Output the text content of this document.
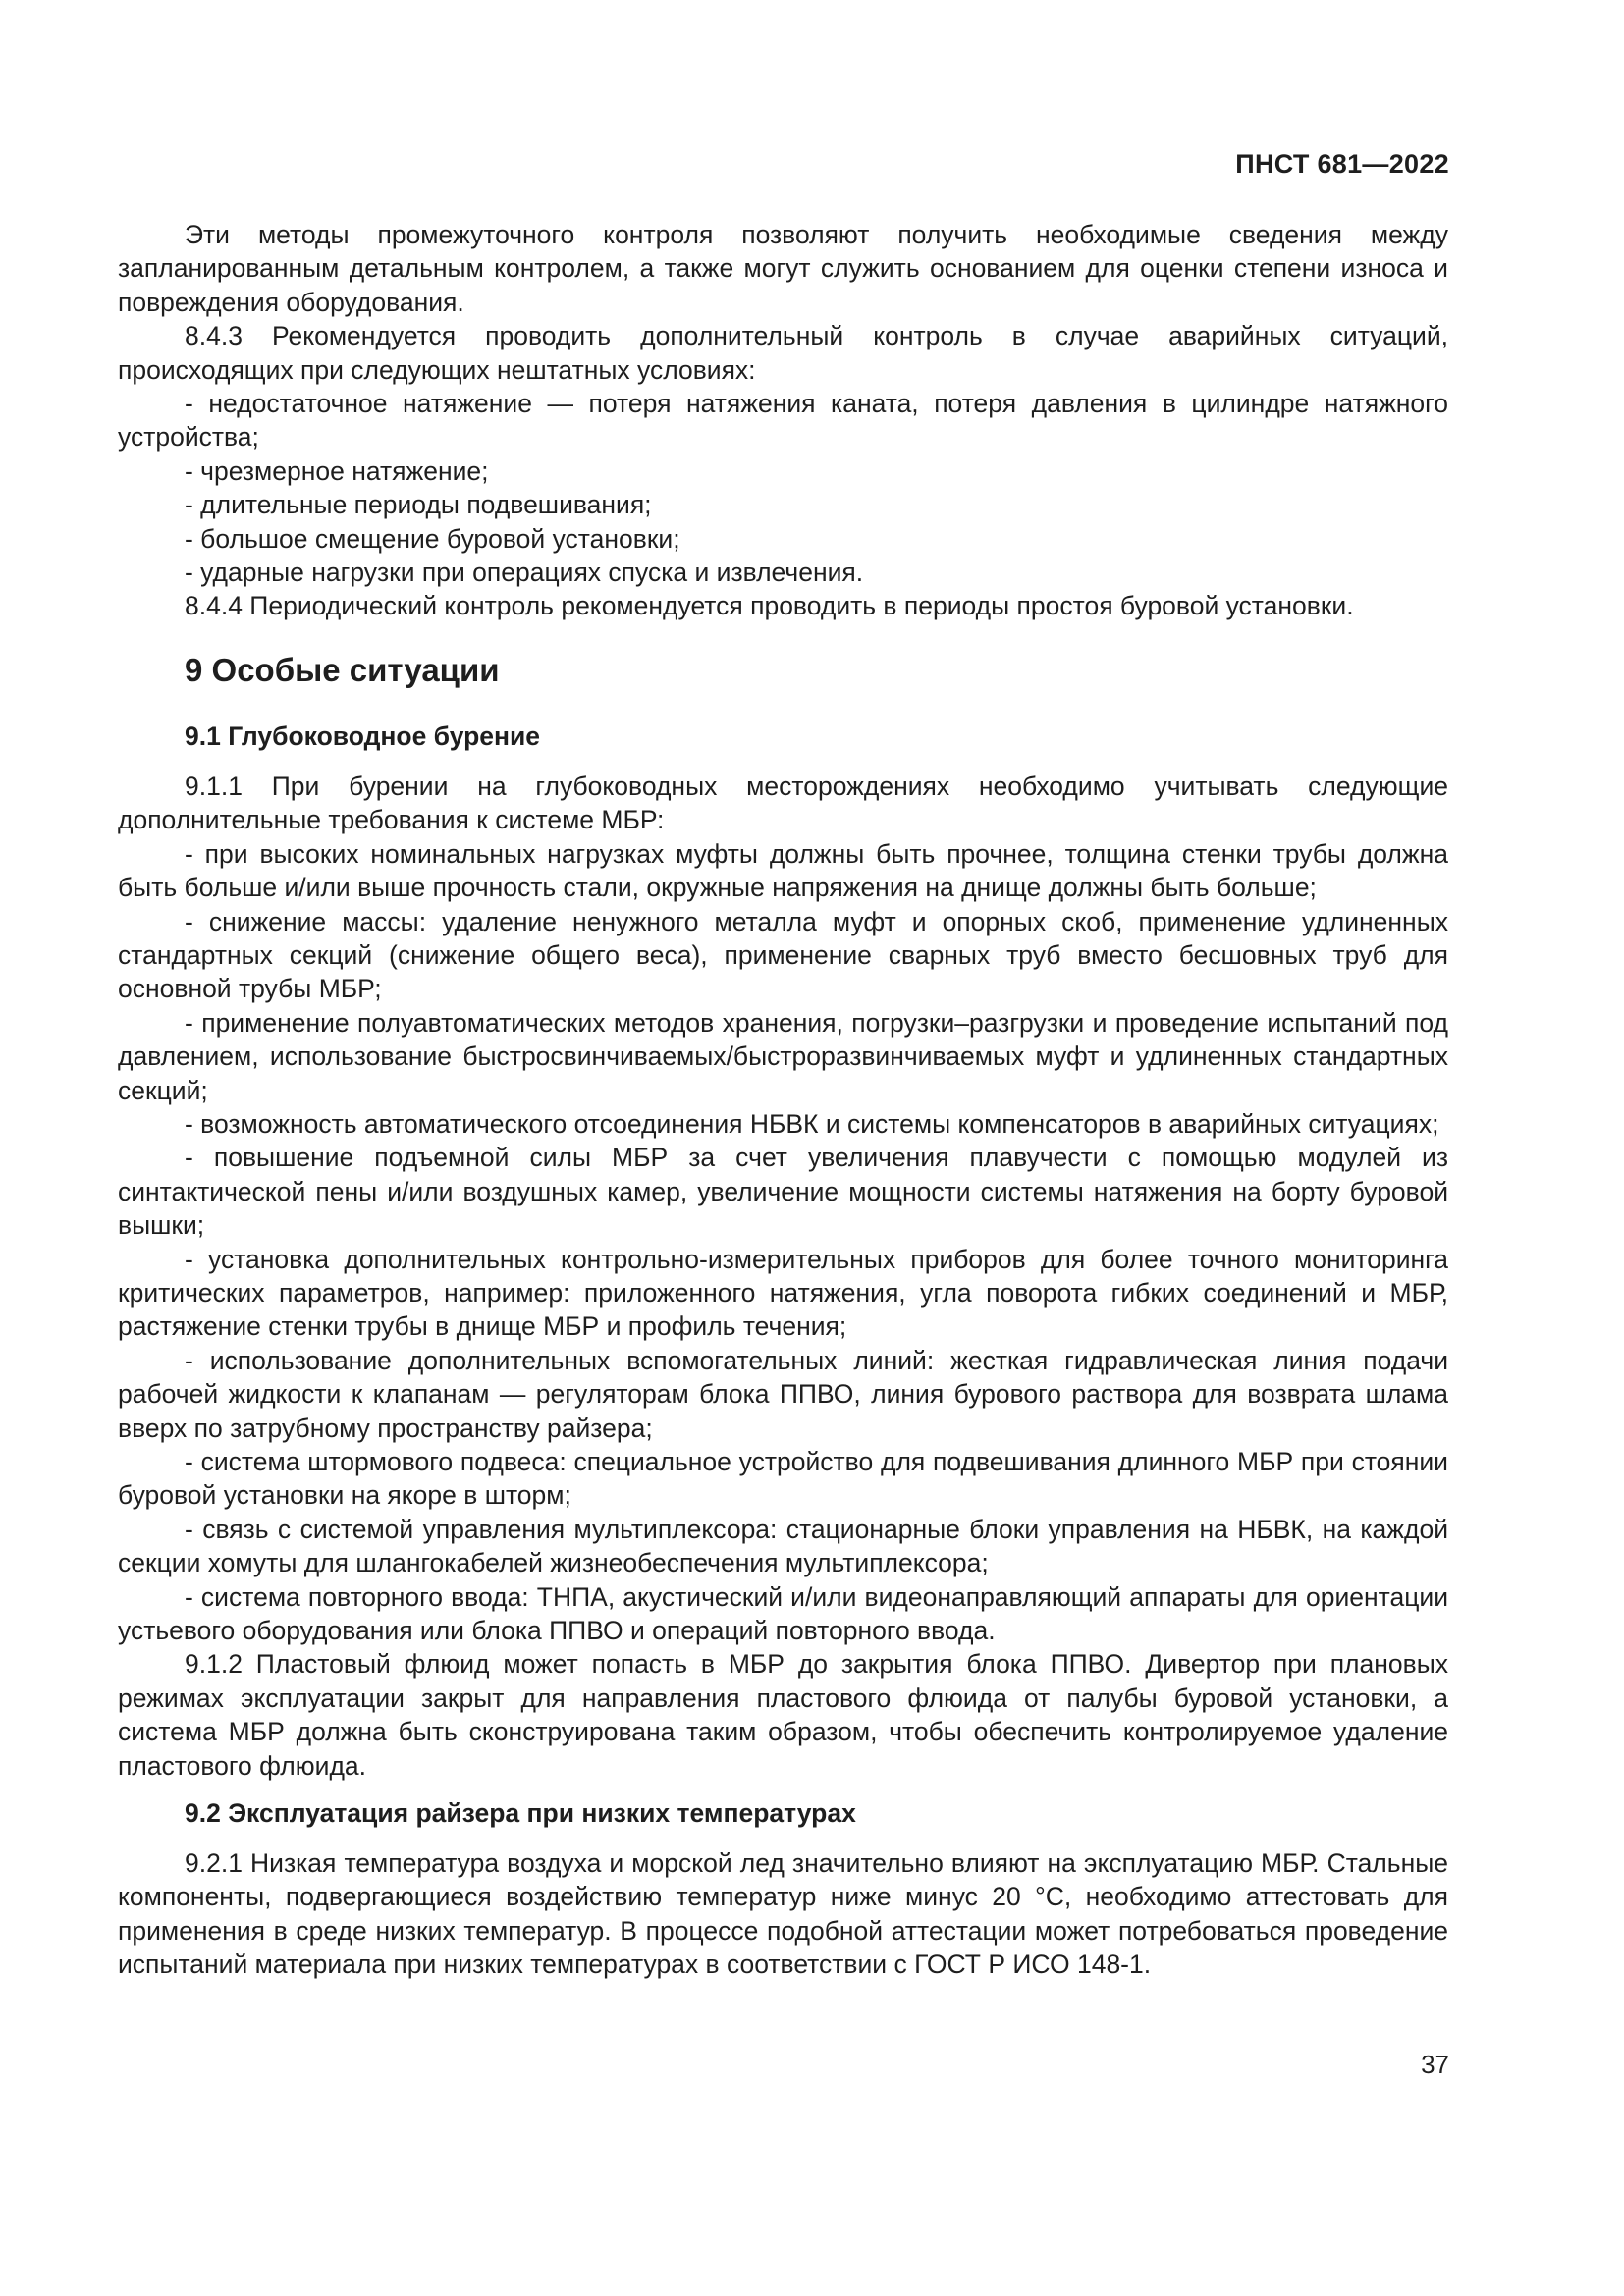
ПНСТ 681—2022

Эти методы промежуточного контроля позволяют получить необходимые сведения между запланированным детальным контролем, а также могут служить основанием для оценки степени износа и повреждения оборудования.

8.4.3 Рекомендуется проводить дополнительный контроль в случае аварийных ситуаций, происходящих при следующих нештатных условиях:

- недостаточное натяжение — потеря натяжения каната, потеря давления в цилиндре натяжного устройства;

- чрезмерное натяжение;

- длительные периоды подвешивания;

- большое смещение буровой установки;

- ударные нагрузки при операциях спуска и извлечения.

8.4.4 Периодический контроль рекомендуется проводить в периоды простоя буровой установки.

9 Особые ситуации
9.1 Глубоководное бурение

9.1.1 При бурении на глубоководных месторождениях необходимо учитывать следующие дополнительные требования к системе МБР:

- при высоких номинальных нагрузках муфты должны быть прочнее, толщина стенки трубы должна быть больше и/или выше прочность стали, окружные напряжения на днище должны быть больше;

- снижение массы: удаление ненужного металла муфт и опорных скоб, применение удлиненных стандартных секций (снижение общего веса), применение сварных труб вместо бесшовных труб для основной трубы МБР;

- применение полуавтоматических методов хранения, погрузки–разгрузки и проведение испытаний под давлением, использование быстросвинчиваемых/быстроразвинчиваемых муфт и удлиненных стандартных секций;

- возможность автоматического отсоединения НБВК и системы компенсаторов в аварийных ситуациях;

- повышение подъемной силы МБР за счет увеличения плавучести с помощью модулей из синтактической пены и/или воздушных камер, увеличение мощности системы натяжения на борту буровой вышки;

- установка дополнительных контрольно-измерительных приборов для более точного мониторинга критических параметров, например: приложенного натяжения, угла поворота гибких соединений и МБР, растяжение стенки трубы в днище МБР и профиль течения;

- использование дополнительных вспомогательных линий: жесткая гидравлическая линия подачи рабочей жидкости к клапанам — регуляторам блока ППВО, линия бурового раствора для возврата шлама вверх по затрубному пространству райзера;

- система штормового подвеса: специальное устройство для подвешивания длинного МБР при стоянии буровой установки на якоре в шторм;

- связь с системой управления мультиплексора: стационарные блоки управления на НБВК, на каждой секции хомуты для шлангокабелей жизнеобеспечения мультиплексора;

- система повторного ввода: ТНПА, акустический и/или видеонаправляющий аппараты для ориентации устьевого оборудования или блока ППВО и операций повторного ввода.

9.1.2 Пластовый флюид может попасть в МБР до закрытия блока ППВО. Дивертор при плановых режимах эксплуатации закрыт для направления пластового флюида от палубы буровой установки, а система МБР должна быть сконструирована таким образом, чтобы обеспечить контролируемое удаление пластового флюида.

9.2 Эксплуатация райзера при низких температурах

9.2.1 Низкая температура воздуха и морской лед значительно влияют на эксплуатацию МБР. Стальные компоненты, подвергающиеся воздействию температур ниже минус 20 °С, необходимо аттестовать для применения в среде низких температур. В процессе подобной аттестации может потребоваться проведение испытаний материала при низких температурах в соответствии с ГОСТ Р ИСО 148-1.

37
